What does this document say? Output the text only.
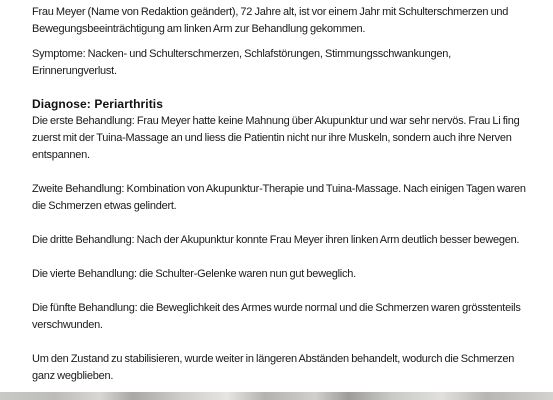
Frau Meyer (Name von Redaktion geändert), 72 Jahre alt, ist vor einem Jahr mit Schulterschmerzen und Bewegungsbeeinträchtigung am linken Arm zur Behandlung gekommen.

Symptome: Nacken- und Schulterschmerzen, Schlafstörungen, Stimmungsschwankungen, Erinnerungverlust.

Diagnose: Periarthritis

Die erste Behandlung: Frau Meyer hatte keine Mahnung über Akupunktur und war sehr nervös. Frau Li fing zuerst mit der Tuina-Massage an und liess die Patientin nicht nur ihre Muskeln, sondern auch ihre Nerven entspannen.

Zweite Behandlung: Kombination von Akupunktur-Therapie und Tuina-Massage. Nach einigen Tagen waren die Schmerzen etwas gelindert.

Die dritte Behandlung: Nach der Akupunktur konnte Frau Meyer ihren linken Arm deutlich besser bewegen.

Die vierte Behandlung: die Schulter-Gelenke waren nun gut beweglich.

Die fünfte Behandlung: die Beweglichkeit des Armes wurde normal und die Schmerzen waren grösstenteils verschwunden.

Um den Zustand zu stabilisieren, wurde weiter in längeren Abständen behandelt, wodurch die Schmerzen ganz wegblieben.
